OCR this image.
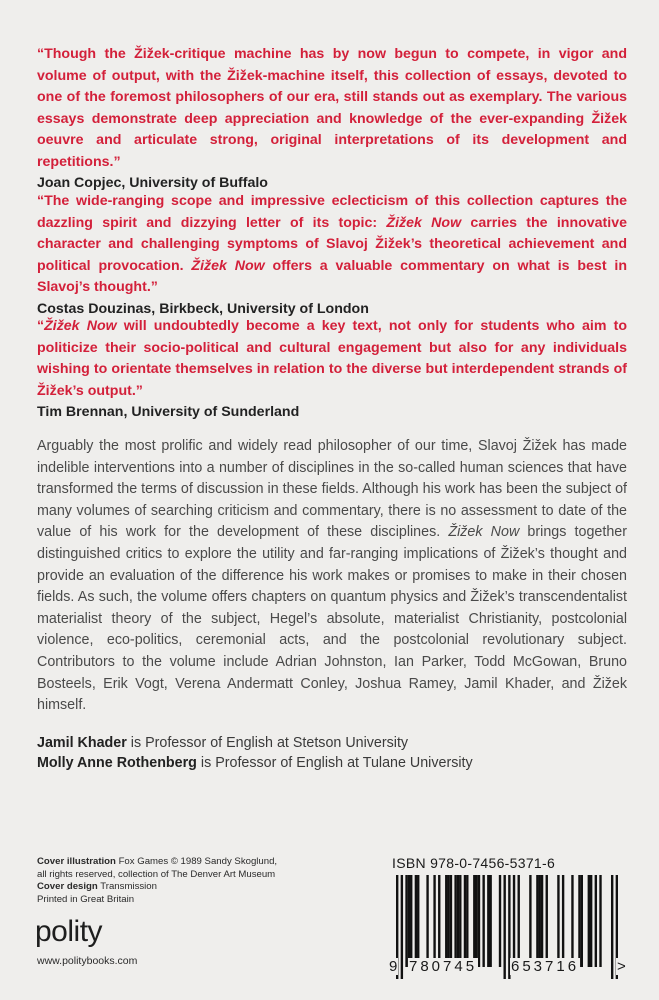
“Though the Žižek-critique machine has by now begun to compete, in vigor and volume of output, with the Žižek-machine itself, this collection of essays, devoted to one of the foremost philosophers of our era, still stands out as exemplary. The various essays demonstrate deep appreciation and knowledge of the ever-expanding Žižek oeuvre and articulate strong, original interpretations of its development and repetitions.”

Joan Copjec, University of Buffalo

“The wide-ranging scope and impressive eclecticism of this collection captures the dazzling spirit and dizzying letter of its topic: Žižek Now carries the innovative character and challenging symptoms of Slavoj Žižek’s theoretical achievement and political provocation. Žižek Now offers a valuable commentary on what is best in Slavoj’s thought.”

Costas Douzinas, Birkbeck, University of London

“Žižek Now will undoubtedly become a key text, not only for students who aim to politicize their socio-political and cultural engagement but also for any individuals wishing to orientate themselves in relation to the diverse but interdependent strands of Žižek’s output.”

Tim Brennan, University of Sunderland

Arguably the most prolific and widely read philosopher of our time, Slavoj Žižek has made indelible interventions into a number of disciplines in the so-called human sciences that have transformed the terms of discussion in these fields. Although his work has been the subject of many volumes of searching criticism and commentary, there is no assessment to date of the value of his work for the development of these disciplines. Žižek Now brings together distinguished critics to explore the utility and far-ranging implications of Žižek’s thought and provide an evaluation of the difference his work makes or promises to make in their chosen fields. As such, the volume offers chapters on quantum physics and Žižek’s transcendentalist materialist theory of the subject, Hegel’s absolute, materialist Christianity, postcolonial violence, eco-politics, ceremonial acts, and the postcolonial revolutionary subject. Contributors to the volume include Adrian Johnston, Ian Parker, Todd McGowan, Bruno Bosteels, Erik Vogt, Verena Andermatt Conley, Joshua Ramey, Jamil Khader, and Žižek himself.

Jamil Khader is Professor of English at Stetson University

Molly Anne Rothenberg is Professor of English at Tulane University

Cover illustration Fox Games © 1989 Sandy Skoglund,

all rights reserved, collection of The Denver Art Museum

Cover design Transmission

Printed in Great Britain

polity
www.politybooks.com
ISBN 978-0-7456-5371-6
9 780745 653716	>
